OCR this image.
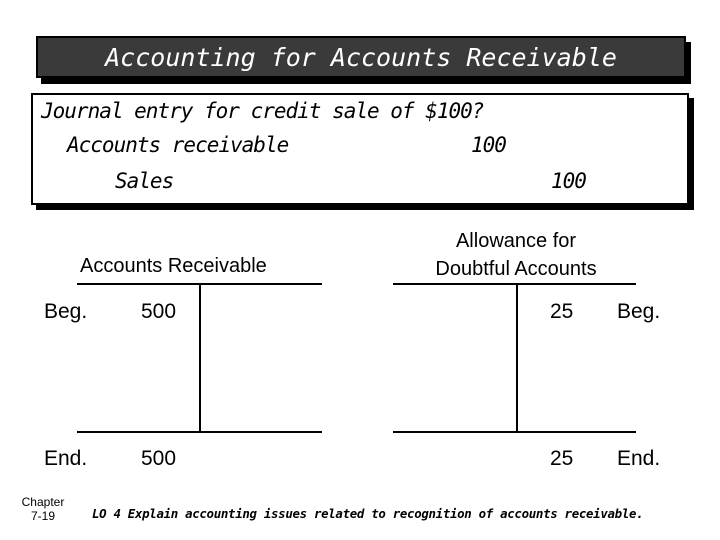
Accounting for Accounts Receivable
Journal entry for credit sale of $100?
Accounts receivable	100
Sales	100
Accounts Receivable
Beg.	500
End.	500
Allowance for
Doubtful Accounts
25 Beg.
25 End.
Chapter
7-19	LO 4 Explain accounting issues related to recognition of accounts receivable.
